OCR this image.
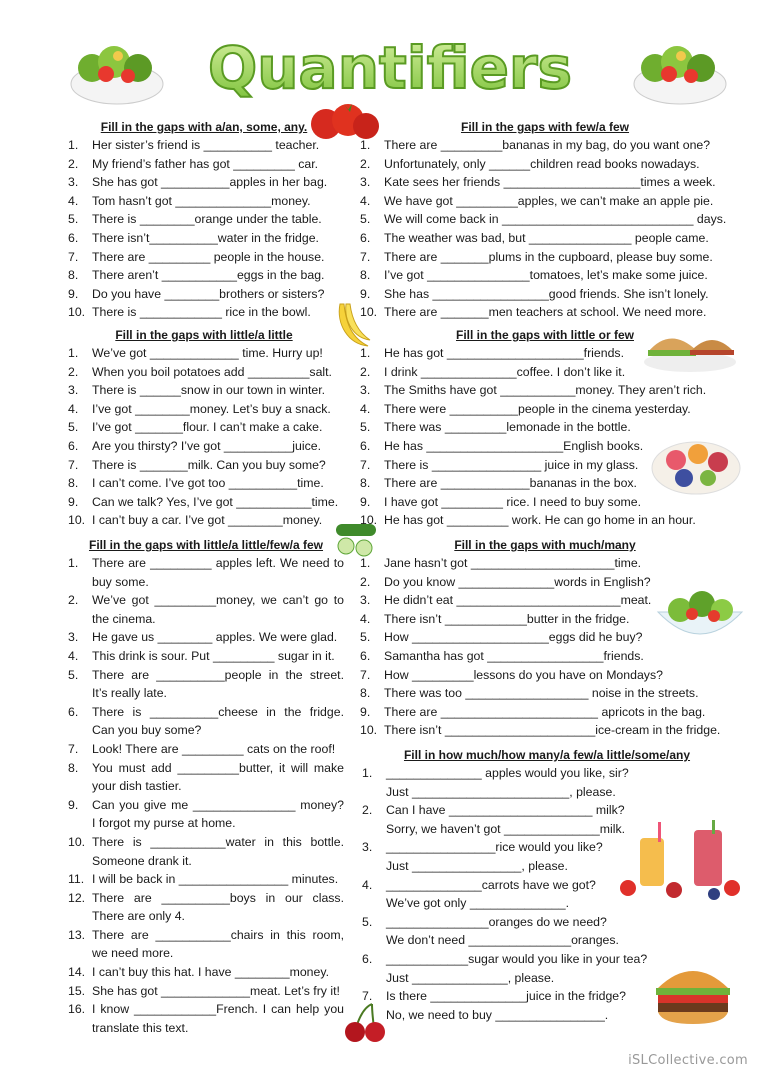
Quantifiers
Fill in the gaps with a/an, some, any.
1.	Her sister’s friend is __________ teacher.
2.	My friend’s father has got _________ car.
3.	She has got __________apples in her bag.
4.	Tom hasn’t got ______________money.
5.	There is ________orange under the table.
6.	There isn’t__________water in the fridge.
7.	There are _________ people in the house.
8.	There aren’t ___________eggs in the bag.
9.	Do you have ________brothers or sisters?
10. There is ____________ rice in the bowl.
Fill in the gaps with few/a few
1.	There are _________bananas in my bag, do you want one?
2.	Unfortunately, only ______children read books nowadays.
3.	Kate sees her friends ____________________times a week.
4.	We have got _________apples, we can’t make an apple pie.
5.	We will come back in ____________________________ days.
6.	The weather was bad, but _______________ people came.
7.	There are _______plums in the cupboard, please buy some.
8.	I’ve got _______________tomatoes, let’s make some juice.
9.	She has _________________good friends. She isn’t lonely.
10. There are _______men teachers at school. We need more.
Fill in the gaps with little/a little
1.	We’ve got _____________ time. Hurry up!
2.	When you boil potatoes add _________salt.
3.	There is ______snow in our town in winter.
4.	I’ve got ________money. Let’s buy a snack.
5.	I’ve got _______flour. I can’t make a cake.
6.	Are you thirsty? I’ve got __________juice.
7.	There is _______milk. Can you buy some?
8.	I can’t come. I’ve got too __________time.
9.	Can we talk? Yes, I’ve got ___________time.
10. I can’t buy a car. I’ve got ________money.
Fill in the gaps with little or few
1.	He has got ____________________friends.
2.	I drink ______________coffee. I don’t like it.
3.	The Smiths have got ___________money. They aren’t rich.
4.	There were __________people in the cinema yesterday.
5.	There was _________lemonade in the bottle.
6.	He has ____________________English books.
7.	There is ________________ juice in my glass.
8.	There are _____________bananas in the box.
9.	I have got _________ rice. I need to buy some.
10. He has got _________ work. He can go home in an hour.
Fill in the gaps with little/a little/few/a few
1.	There are _________ apples left. We need to buy some.
2.	We’ve got _________money, we can’t go to the cinema.
3.	He gave us ________ apples. We were glad.
4.	This drink is sour. Put _________ sugar in it.
5.	There are __________people in the street. It’s really late.
6.	There is __________cheese in the fridge. Can you buy some?
7.	Look! There are _________ cats on the roof!
8.	You must add _________butter, it will make your dish tastier.
9.	Can you give me _______________ money? I forgot my purse at home.
10. There is ___________water in this bottle. Someone drank it.
11. I will be back in ________________ minutes.
12. There are __________boys in our class. There are only 4.
13. There are ___________chairs in this room, we need more.
14. I can’t buy this hat. I have ________money.
15. She has got _____________meat. Let’s fry it!
16. I know ____________French. I can help you translate this text.
Fill in the gaps with much/many
1.	Jane hasn’t got _____________________time.
2.	Do you know ______________words in English?
3.	He didn’t eat ________________________meat.
4.	There isn’t ____________butter in the fridge.
5.	How ____________________eggs did he buy?
6.	Samantha has got _________________friends.
7.	How _________lessons do you have on Mondays?
8.	There was too __________________ noise in the streets.
9.	There are _______________________ apricots in the bag.
10. There isn’t ______________________ice-cream in the fridge.
Fill in how much/how many/a few/a little/some/any
1.	______________ apples would you like, sir?
Just _______________________, please.
2.	Can I have _____________________ milk?
Sorry, we haven’t got ______________milk.
3.	________________rice would you like?
Just ________________, please.
4.	______________carrots have we got?
We’ve got only ______________.
5.	_______________oranges do we need?
We don’t need _______________oranges.
6.	____________sugar would you like in your tea?
Just ______________, please.
7.	Is there ______________juice in the fridge?
No, we need to buy ________________.
iSLCollective.com
